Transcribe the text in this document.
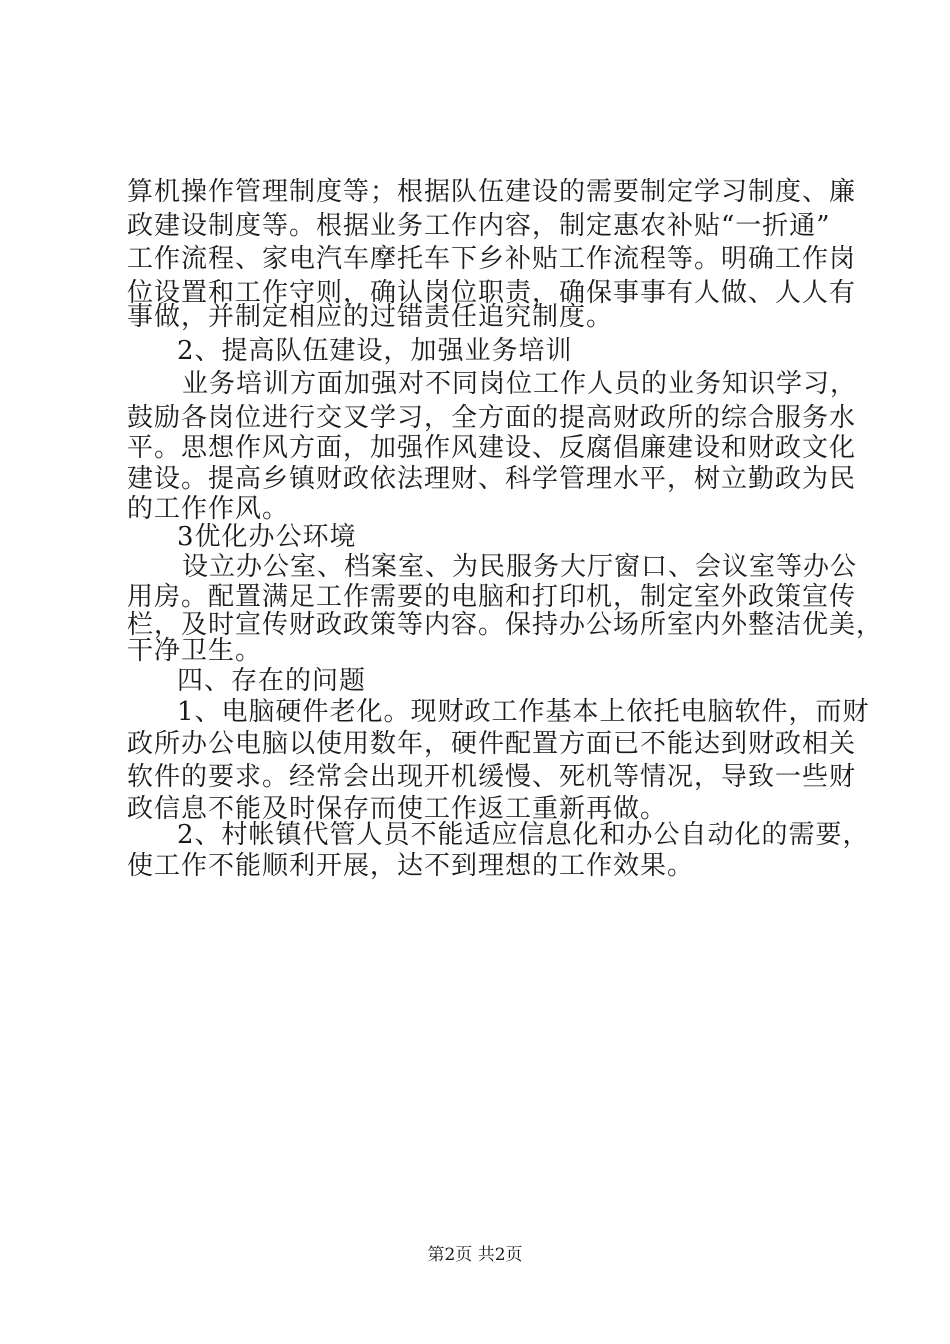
算机操作管理制度等；根据队伍建设的需要制定学习制度、廉
政建设制度等。根据业务工作内容，制定惠农补贴“一折通”
工作流程、家电汽车摩托车下乡补贴工作流程等。明确工作岗
位设置和工作守则，确认岗位职责，确保事事有人做、人人有
事做，并制定相应的过错责任追究制度。
2、提高队伍建设，加强业务培训
业务培训方面加强对不同岗位工作人员的业务知识学习，
鼓励各岗位进行交叉学习，全方面的提高财政所的综合服务水
平。思想作风方面，加强作风建设、反腐倡廉建设和财政文化
建设。提高乡镇财政依法理财、科学管理水平，树立勤政为民
的工作作风。
3优化办公环境
设立办公室、档案室、为民服务大厅窗口、会议室等办公
用房。配置满足工作需要的电脑和打印机，制定室外政策宣传
栏，及时宣传财政政策等内容。保持办公场所室内外整洁优美，
干净卫生。
四、存在的问题
1、电脑硬件老化。现财政工作基本上依托电脑软件，而财
政所办公电脑以使用数年，硬件配置方面已不能达到财政相关
软件的要求。经常会出现开机缓慢、死机等情况，导致一些财
政信息不能及时保存而使工作返工重新再做。
2、村帐镇代管人员不能适应信息化和办公自动化的需要，
使工作不能顺利开展，达不到理想的工作效果。
第2页 共2页
